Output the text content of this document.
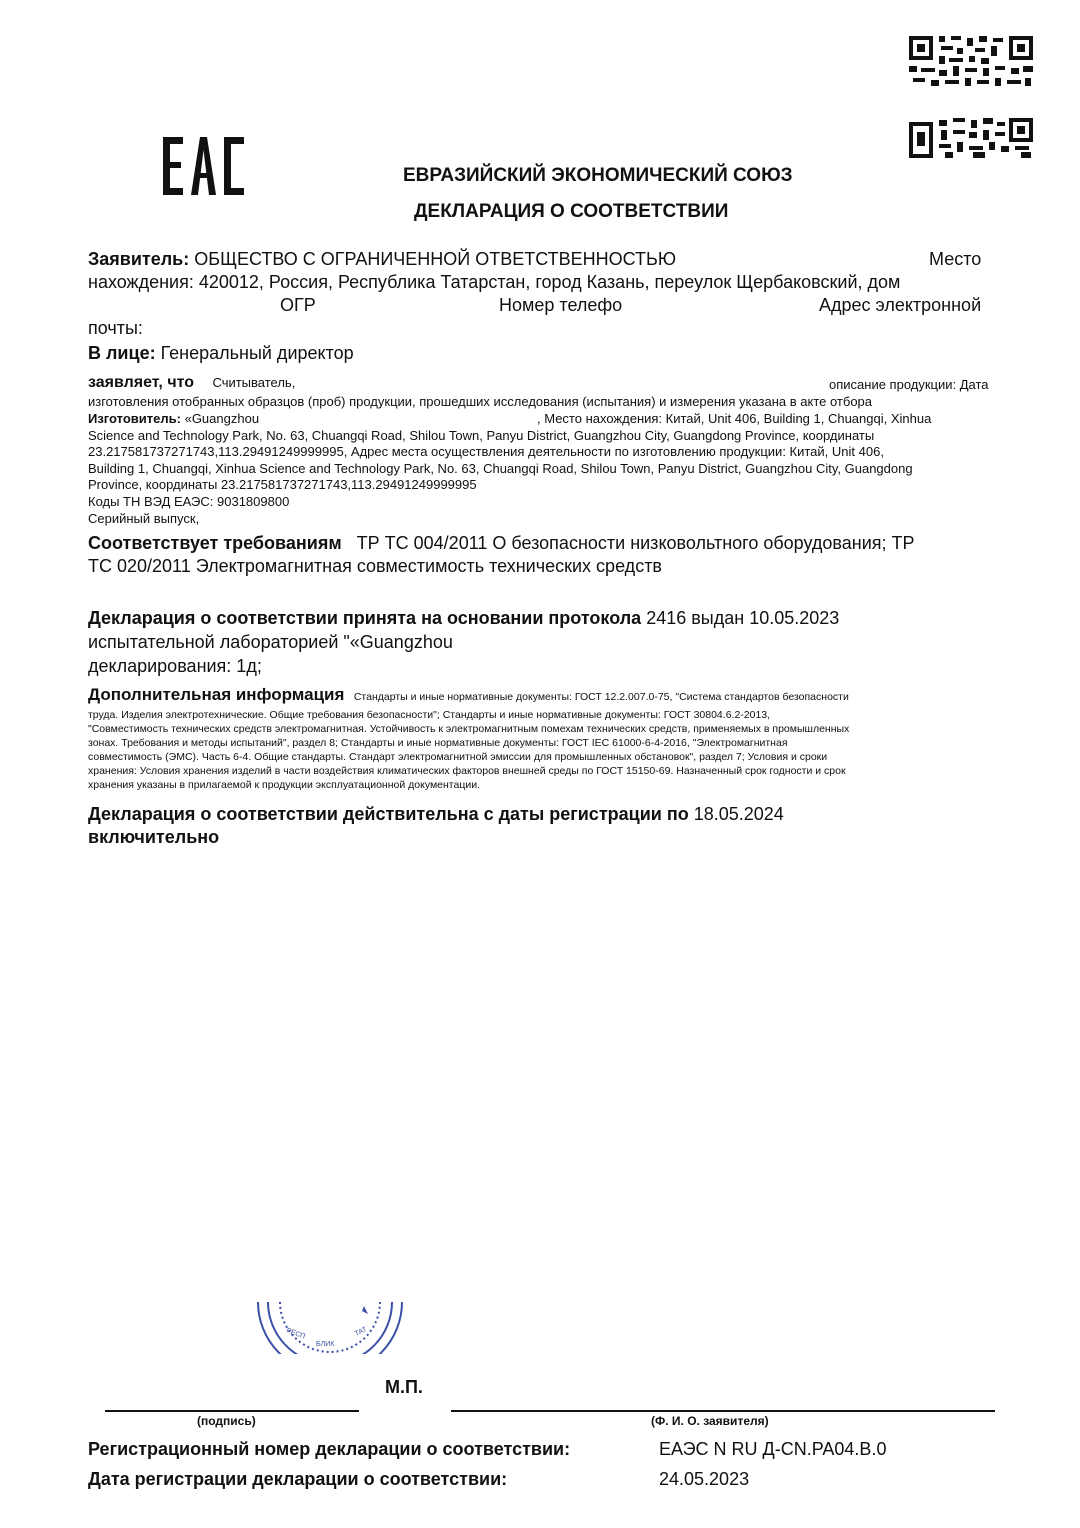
ЕВРАЗИЙСКИЙ ЭКОНОМИЧЕСКИЙ СОЮЗ
ДЕКЛАРАЦИЯ О СООТВЕТСТВИИ
Заявитель: ОБЩЕСТВО С ОГРАНИЧЕННОЙ ОТВЕТСТВЕННОСТЬЮ	Место
нахождения: 420012, Россия, Республика Татарстан, город Казань, переулок Щербаковский, дом
ОГР	Номер телефо	Адрес электронной
почты:
В лице: Генеральный директор
заявляет, что Считыватель,	описание продукции: Дата
изготовления отобранных образцов (проб) продукции, прошедших исследования (испытания) и измерения указана в акте отбора
Изготовитель: «Guangzhou	, Место нахождения: Китай, Unit 406, Building 1, Chuangqi, Xinhua
Science and Technology Park, No. 63, Chuangqi Road, Shilou Town, Panyu District, Guangzhou City, Guangdong Province, координаты
23.217581737271743,113.29491249999995, Адрес места осуществления деятельности по изготовлению продукции: Китай, Unit 406,
Building 1, Chuangqi, Xinhua Science and Technology Park, No. 63, Chuangqi Road, Shilou Town, Panyu District, Guangzhou City, Guangdong
Province, координаты 23.217581737271743,113.29491249999995
Коды ТН ВЭД ЕАЭС: 9031809800
Серийный выпуск,
Соответствует требованиям ТР ТС 004/2011 О безопасности низковольтного оборудования; ТР
ТС 020/2011 Электромагнитная совместимость технических средств
Декларация о соответствии принята на основании протокола 2416 выдан 10.05.2023
испытательной лабораторией "«Guangzhou
декларирования: 1д;
Дополнительная информация Стандарты и иные нормативные документы: ГОСТ 12.2.007.0-75, "Система стандартов безопасности
труда. Изделия электротехнические. Общие требования безопасности"; Стандарты и иные нормативные документы: ГОСТ 30804.6.2-2013,
"Совместимость технических средств электромагнитная. Устойчивость к электромагнитным помехам технических средств, применяемых в промышленных
зонах. Требования и методы испытаний", раздел 8; Стандарты и иные нормативные документы: ГОСТ IEC 61000-6-4-2016, "Электромагнитная
совместимость (ЭМС). Часть 6-4. Общие стандарты. Стандарт электромагнитной эмиссии для промышленных обстановок", раздел 7; Условия и сроки
хранения: Условия хранения изделий в части воздействия климатических факторов внешней среды по ГОСТ 15150-69. Назначенный срок годности и срок
хранения указаны в прилагаемой к продукции эксплуатационной документации.
Декларация о соответствии действительна с даты регистрации по 18.05.2024
включительно
РЕСП
БЛИК
ТАТ
М.П.
(подпись)	(Ф. И. О. заявителя)
Регистрационный номер декларации о соответствии:	ЕАЭС N RU Д-CN.PA04.B.0
Дата регистрации декларации о соответствии:	24.05.2023
